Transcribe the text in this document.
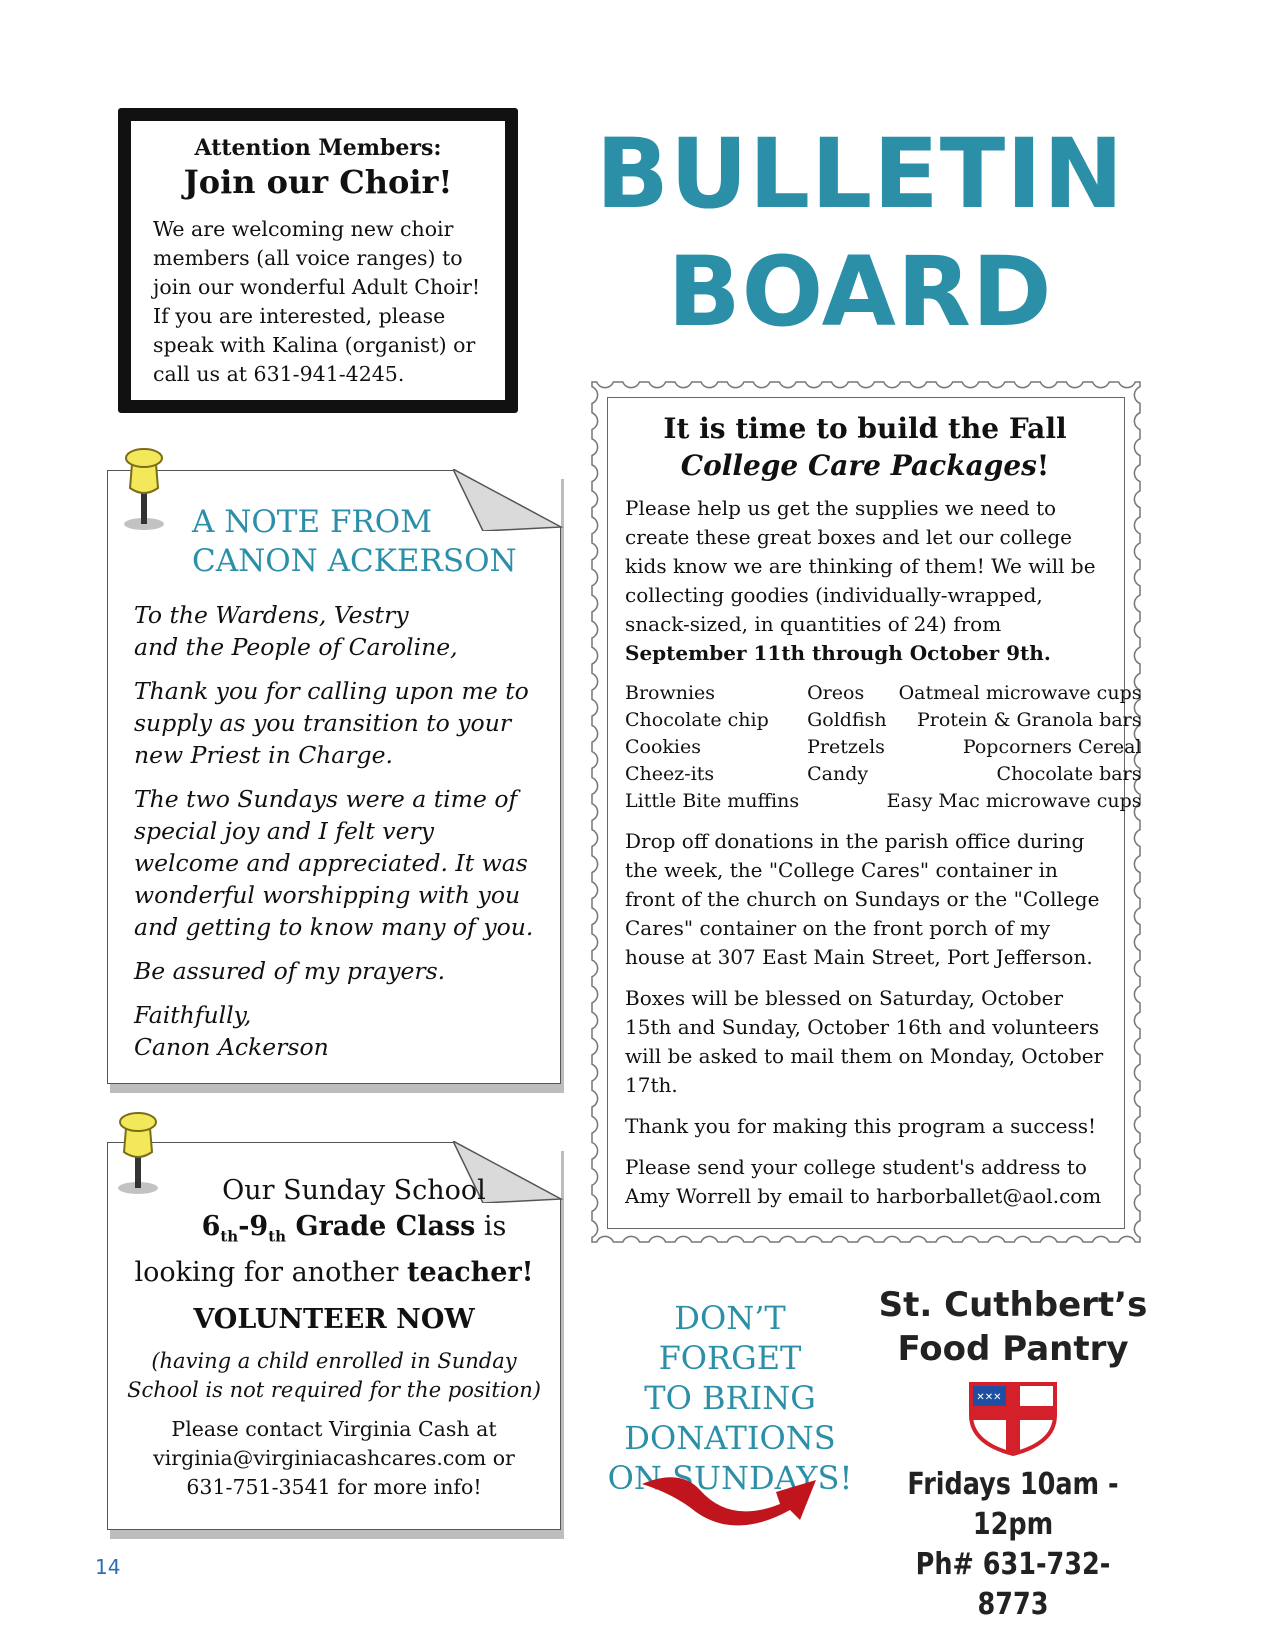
Attention Members:
Join our Choir!
We are welcoming new choir members (all voice ranges) to join our wonderful Adult Choir! If you are interested, please speak with Kalina (organist) or call us at 631-941-4245.
BULLETIN
BOARD
A NOTE FROM
CANON ACKERSON

To the Wardens, Vestry
and the People of Caroline,

Thank you for calling upon me to supply as you transition to your new Priest in Charge.

The two Sundays were a time of special joy and I felt very welcome and appreciated. It was wonderful worshipping with you and getting to know many of you.

Be assured of my prayers.

Faithfully,
Canon Ackerson

Our Sunday School
$6_{th}-9_{th}$ Grade Class is
looking for another teacher!
VOLUNTEER NOW
(having a child enrolled in Sunday School is not required for the position)
Please contact Virginia Cash at virginia@virginiacashcares.com or 631-751-3541 for more info!
It is time to build the Fall
College Care Packages!

Please help us get the supplies we need to create these great boxes and let our college kids know we are thinking of them! We will be collecting goodies (individually-wrapped, snack-sized, in quantities of 24) from September 11th through October 9th.

Brownies	Oreos	Oatmeal microwave cups
Chocolate chip	Goldfish	Protein & Granola bars
Cookies	Pretzels	Popcorners Cereal
Cheez-its	Candy	Chocolate bars
Little Bite muffins		Easy Mac microwave cups

Drop off donations in the parish office during the week, the "College Cares" container in front of the church on Sundays or the "College Cares" container on the front porch of my house at 307 East Main Street, Port Jefferson.

Boxes will be blessed on Saturday, October 15th and Sunday, October 16th and volunteers will be asked to mail them on Monday, October 17th.

Thank you for making this program a success!

Please send your college student's address to Amy Worrell by email to harborballet@aol.com

DON’T FORGET
TO BRING
DONATIONS
ON SUNDAYS!
St. Cuthbert’s
Food Pantry
✕✕✕
Fridays 10am - 12pm
Ph# 631-732-8773
14
